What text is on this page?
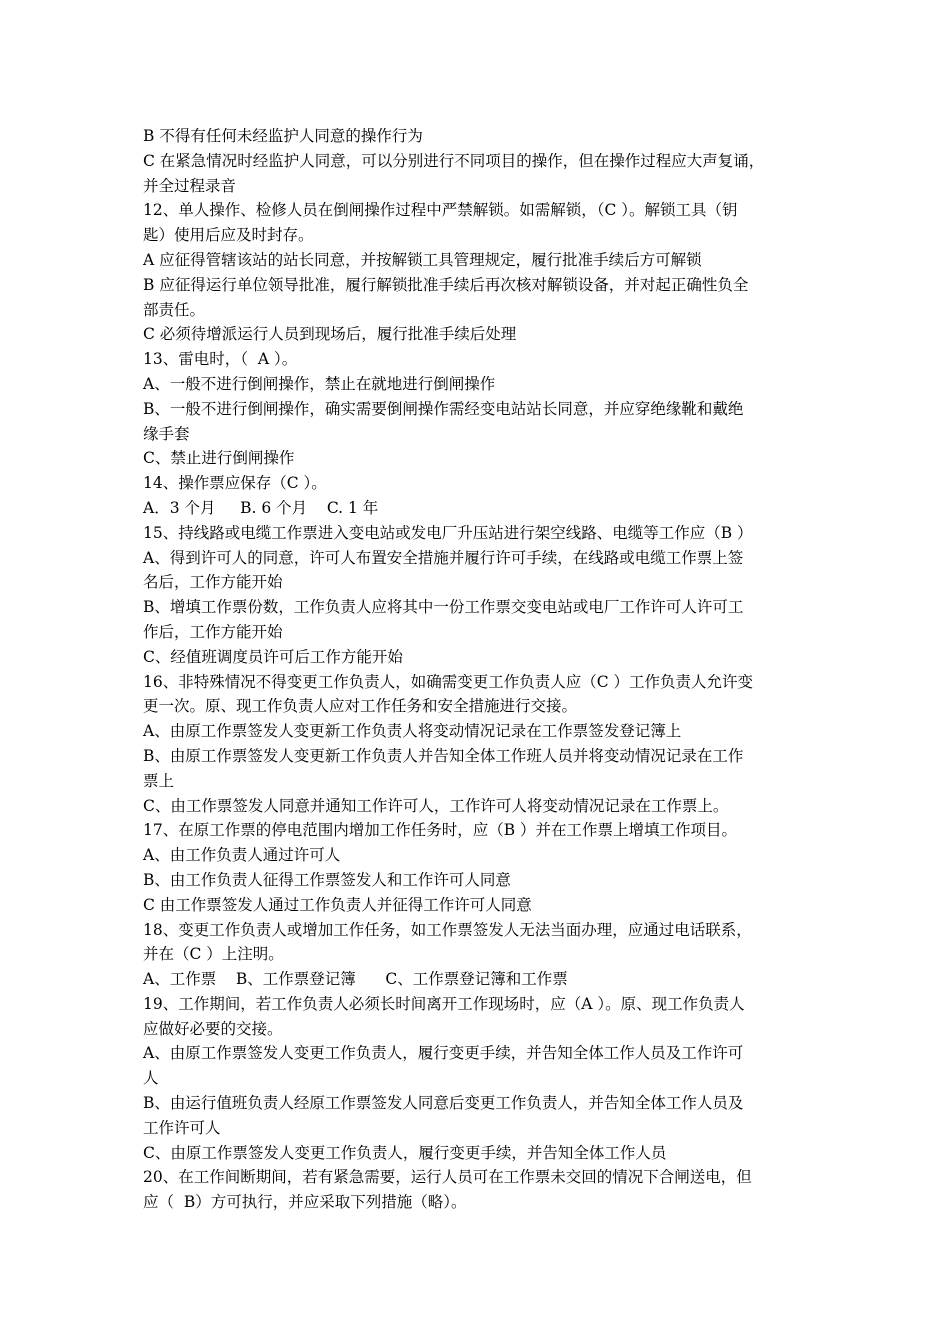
B 不得有任何未经监护人同意的操作行为
C 在紧急情况时经监护人同意，可以分别进行不同项目的操作，但在操作过程应大声复诵，
并全过程录音
12、单人操作、检修人员在倒闸操作过程中严禁解锁。如需解锁，（C ）。解锁工具（钥
匙）使用后应及时封存。
A 应征得管辖该站的站长同意，并按解锁工具管理规定，履行批准手续后方可解锁
B 应征得运行单位领导批准，履行解锁批准手续后再次核对解锁设备，并对起正确性负全
部责任。
C 必须待增派运行人员到现场后，履行批准手续后处理
13、雷电时，（  A ）。
A、一般不进行倒闸操作，禁止在就地进行倒闸操作
B、一般不进行倒闸操作，确实需要倒闸操作需经变电站站长同意，并应穿绝缘靴和戴绝
缘手套
C、禁止进行倒闸操作
14、操作票应保存（C ）。
A．3 个月     B. 6 个月    C. 1 年
15、持线路或电缆工作票进入变电站或发电厂升压站进行架空线路、电缆等工作应（B ）
A、得到许可人的同意，许可人布置安全措施并履行许可手续，在线路或电缆工作票上签
名后，工作方能开始
B、增填工作票份数，工作负责人应将其中一份工作票交变电站或电厂工作许可人许可工
作后，工作方能开始
C、经值班调度员许可后工作方能开始
16、非特殊情况不得变更工作负责人，如确需变更工作负责人应（C ）工作负责人允许变
更一次。原、现工作负责人应对工作任务和安全措施进行交接。
A、由原工作票签发人变更新工作负责人将变动情况记录在工作票签发登记簿上
B、由原工作票签发人变更新工作负责人并告知全体工作班人员并将变动情况记录在工作
票上
C、由工作票签发人同意并通知工作许可人，工作许可人将变动情况记录在工作票上。
17、在原工作票的停电范围内增加工作任务时，应（B ）并在工作票上增填工作项目。
A、由工作负责人通过许可人
B、由工作负责人征得工作票签发人和工作许可人同意
C 由工作票签发人通过工作负责人并征得工作许可人同意
18、变更工作负责人或增加工作任务，如工作票签发人无法当面办理，应通过电话联系，
并在（C ）上注明。
A、工作票    B、工作票登记簿      C、工作票登记簿和工作票
19、工作期间，若工作负责人必须长时间离开工作现场时，应（A ）。原、现工作负责人
应做好必要的交接。
A、由原工作票签发人变更工作负责人，履行变更手续，并告知全体工作人员及工作许可
人
B、由运行值班负责人经原工作票签发人同意后变更工作负责人，并告知全体工作人员及
工作许可人
C、由原工作票签发人变更工作负责人，履行变更手续，并告知全体工作人员
20、在工作间断期间，若有紧急需要，运行人员可在工作票未交回的情况下合闸送电，但
应（  B）方可执行，并应采取下列措施（略）。
